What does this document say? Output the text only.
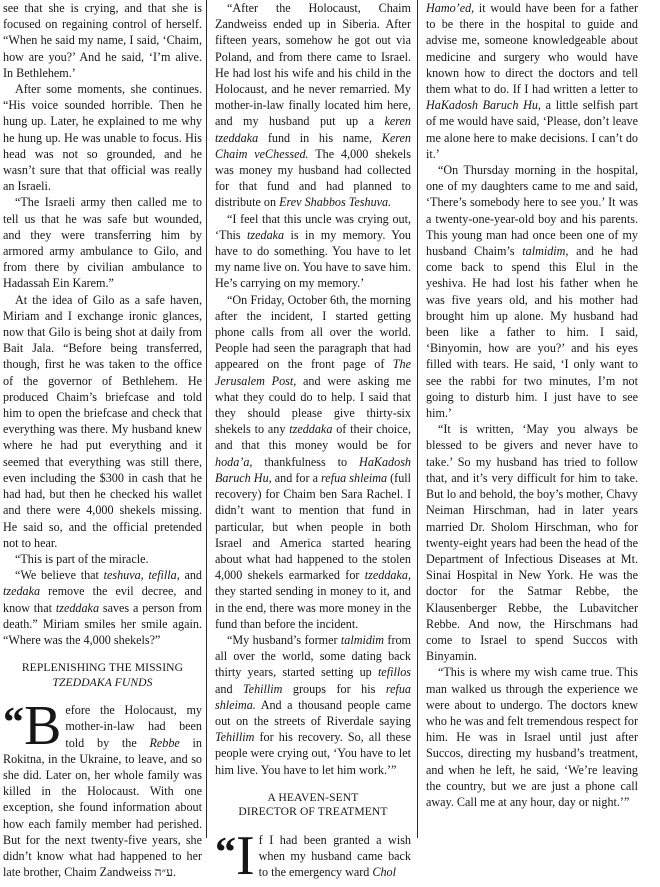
see that she is crying, and that she is focused on regaining control of herself. “When he said my name, I said, ‘Chaim, how are you?’ And he said, ‘I’m alive. In Bethlehem.’

After some moments, she continues. “His voice sounded horrible. Then he hung up. Later, he explained to me why he hung up. He was unable to focus. His head was not so grounded, and he wasn’t sure that that official was really an Israeli.

“The Israeli army then called me to tell us that he was safe but wounded, and they were transferring him by armored army ambulance to Gilo, and from there by civilian ambulance to Hadassah Ein Karem.”

At the idea of Gilo as a safe haven, Miriam and I exchange ironic glances, now that Gilo is being shot at daily from Bait Jala. “Before being transferred, though, first he was taken to the office of the governor of Bethlehem. He produced Chaim’s briefcase and told him to open the briefcase and check that everything was there. My husband knew where he had put everything and it seemed that everything was still there, even including the $300 in cash that he had had, but then he checked his wallet and there were 4,000 shekels missing. He said so, and the official pretended not to hear.

“This is part of the miracle.

“We believe that teshuva, tefilla, and tzedaka remove the evil decree, and know that tzeddaka saves a person from death.” Miriam smiles her smile again. “Where was the 4,000 shekels?”

REPLENISHING THE MISSING
TZEDDAKA FUNDS

“ B efore the Holocaust, my mother-in-law had been told by the Rebbe in Rokitna, in the Ukraine, to leave, and so she did. Later on, her whole family was killed in the Holocaust. With one exception, she found information about how each family member had perished. But for the next twenty-five years, she didn’t know what had happened to her late brother, Chaim Zandweiss ע״ה.

“After the Holocaust, Chaim Zandweiss ended up in Siberia. After fifteen years, somehow he got out via Poland, and from there came to Israel. He had lost his wife and his child in the Holocaust, and he never remarried. My mother-in-law finally located him here, and my husband put up a keren tzeddaka fund in his name, Keren Chaim veChessed. The 4,000 shekels was money my husband had collected for that fund and had planned to distribute on Erev Shabbos Teshuva.

“I feel that this uncle was crying out, ‘This tzedaka is in my memory. You have to do something. You have to let my name live on. You have to save him. He’s carrying on my memory.’

“On Friday, October 6th, the morning after the incident, I started getting phone calls from all over the world. People had seen the paragraph that had appeared on the front page of The Jerusalem Post, and were asking me what they could do to help. I said that they should please give thirty-six shekels to any tzeddaka of their choice, and that this money would be for hoda’a, thankfulness to HaKadosh Baruch Hu, and for a refua shleima (full recovery) for Chaim ben Sara Rachel. I didn’t want to mention that fund in particular, but when people in both Israel and America started hearing about what had happened to the stolen 4,000 shekels earmarked for tzeddaka, they started sending in money to it, and in the end, there was more money in the fund than before the incident.

“My husband’s former talmidim from all over the world, some dating back thirty years, started setting up tefillos and Tehillim groups for his refua shleima. And a thousand people came out on the streets of Riverdale saying Tehillim for his recovery. So, all these people were crying out, ‘You have to let him live. You have to let him work.’”

A HEAVEN-SENT
DIRECTOR OF TREATMENT

“ I f I had been granted a wish when my husband came back to the emergency ward Chol

Hamo’ed, it would have been for a father to be there in the hospital to guide and advise me, someone knowledgeable about medicine and surgery who would have known how to direct the doctors and tell them what to do. If I had written a letter to HaKadosh Baruch Hu, a little selfish part of me would have said, ‘Please, don’t leave me alone here to make decisions. I can’t do it.’

“On Thursday morning in the hospital, one of my daughters came to me and said, ‘There’s somebody here to see you.’ It was a twenty-one-year-old boy and his parents. This young man had once been one of my husband Chaim’s talmidim, and he had come back to spend this Elul in the yeshiva. He had lost his father when he was five years old, and his mother had brought him up alone. My husband had been like a father to him. I said, ‘Binyomin, how are you?’ and his eyes filled with tears. He said, ‘I only want to see the rabbi for two minutes, I’m not going to disturb him. I just have to see him.’

“It is written, ‘May you always be blessed to be givers and never have to take.’ So my husband has tried to follow that, and it’s very difficult for him to take. But lo and behold, the boy’s mother, Chavy Neiman Hirschman, had in later years married Dr. Sholom Hirschman, who for twenty-eight years had been the head of the Department of Infectious Diseases at Mt. Sinai Hospital in New York. He was the doctor for the Satmar Rebbe, the Klausenberger Rebbe, the Lubavitcher Rebbe. And now, the Hirschmans had come to Israel to spend Succos with Binyamin.

“This is where my wish came true. This man walked us through the experience we were about to undergo. The doctors knew who he was and felt tremendous respect for him. He was in Israel until just after Succos, directing my husband’s treatment, and when he left, he said, ‘We’re leaving the country, but we are just a phone call away. Call me at any hour, day or night.’”
